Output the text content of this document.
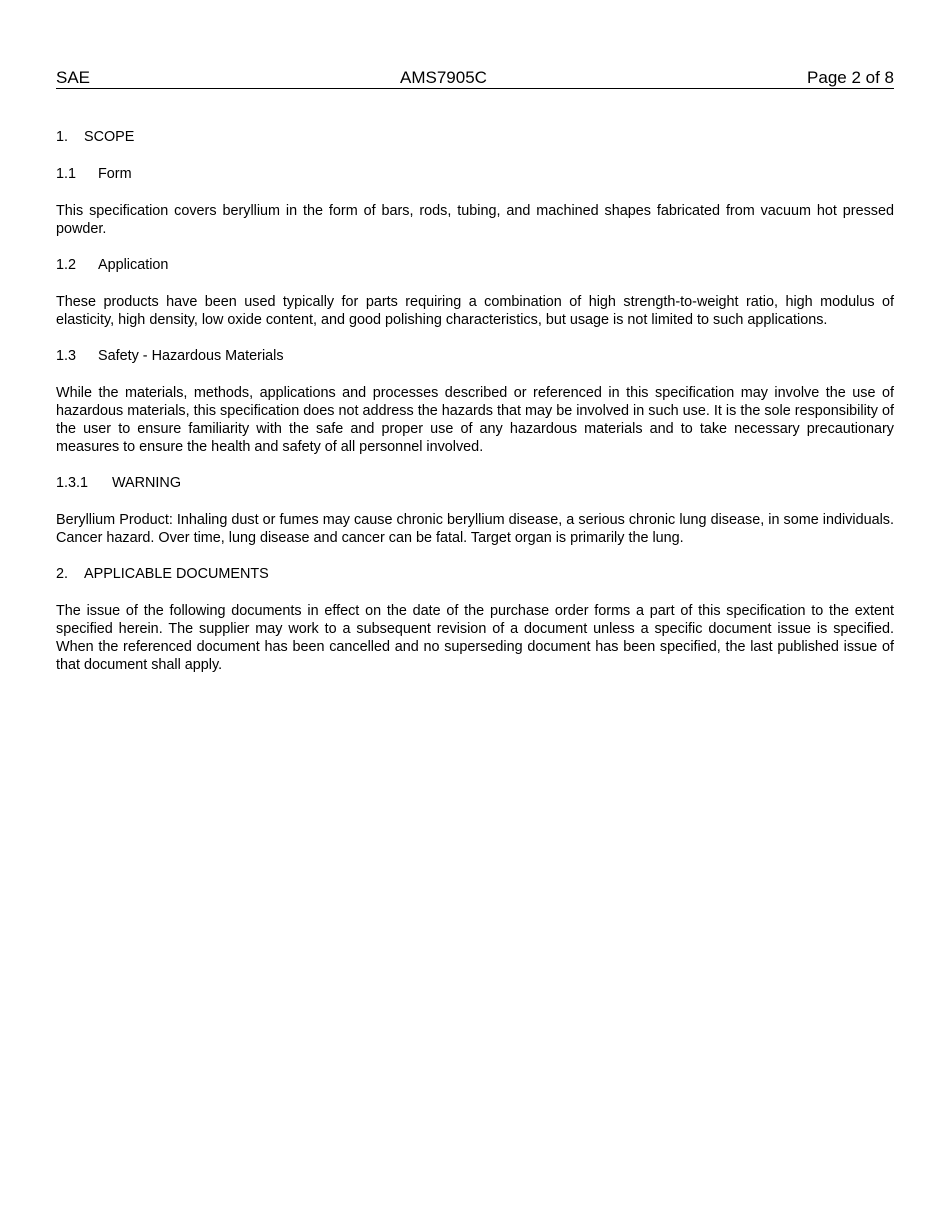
SAE	AMS7905C	Page 2 of 8
1. SCOPE
1.1 Form

This specification covers beryllium in the form of bars, rods, tubing, and machined shapes fabricated from vacuum hot pressed powder.

1.2 Application

These products have been used typically for parts requiring a combination of high strength-to-weight ratio, high modulus of elasticity, high density, low oxide content, and good polishing characteristics, but usage is not limited to such applications.

1.3 Safety - Hazardous Materials

While the materials, methods, applications and processes described or referenced in this specification may involve the use of hazardous materials, this specification does not address the hazards that may be involved in such use. It is the sole responsibility of the user to ensure familiarity with the safe and proper use of any hazardous materials and to take necessary precautionary measures to ensure the health and safety of all personnel involved.

1.3.1 WARNING

Beryllium Product: Inhaling dust or fumes may cause chronic beryllium disease, a serious chronic lung disease, in some individuals. Cancer hazard. Over time, lung disease and cancer can be fatal. Target organ is primarily the lung.

2. APPLICABLE DOCUMENTS

The issue of the following documents in effect on the date of the purchase order forms a part of this specification to the extent specified herein. The supplier may work to a subsequent revision of a document unless a specific document issue is specified. When the referenced document has been cancelled and no superseding document has been specified, the last published issue of that document shall apply.
